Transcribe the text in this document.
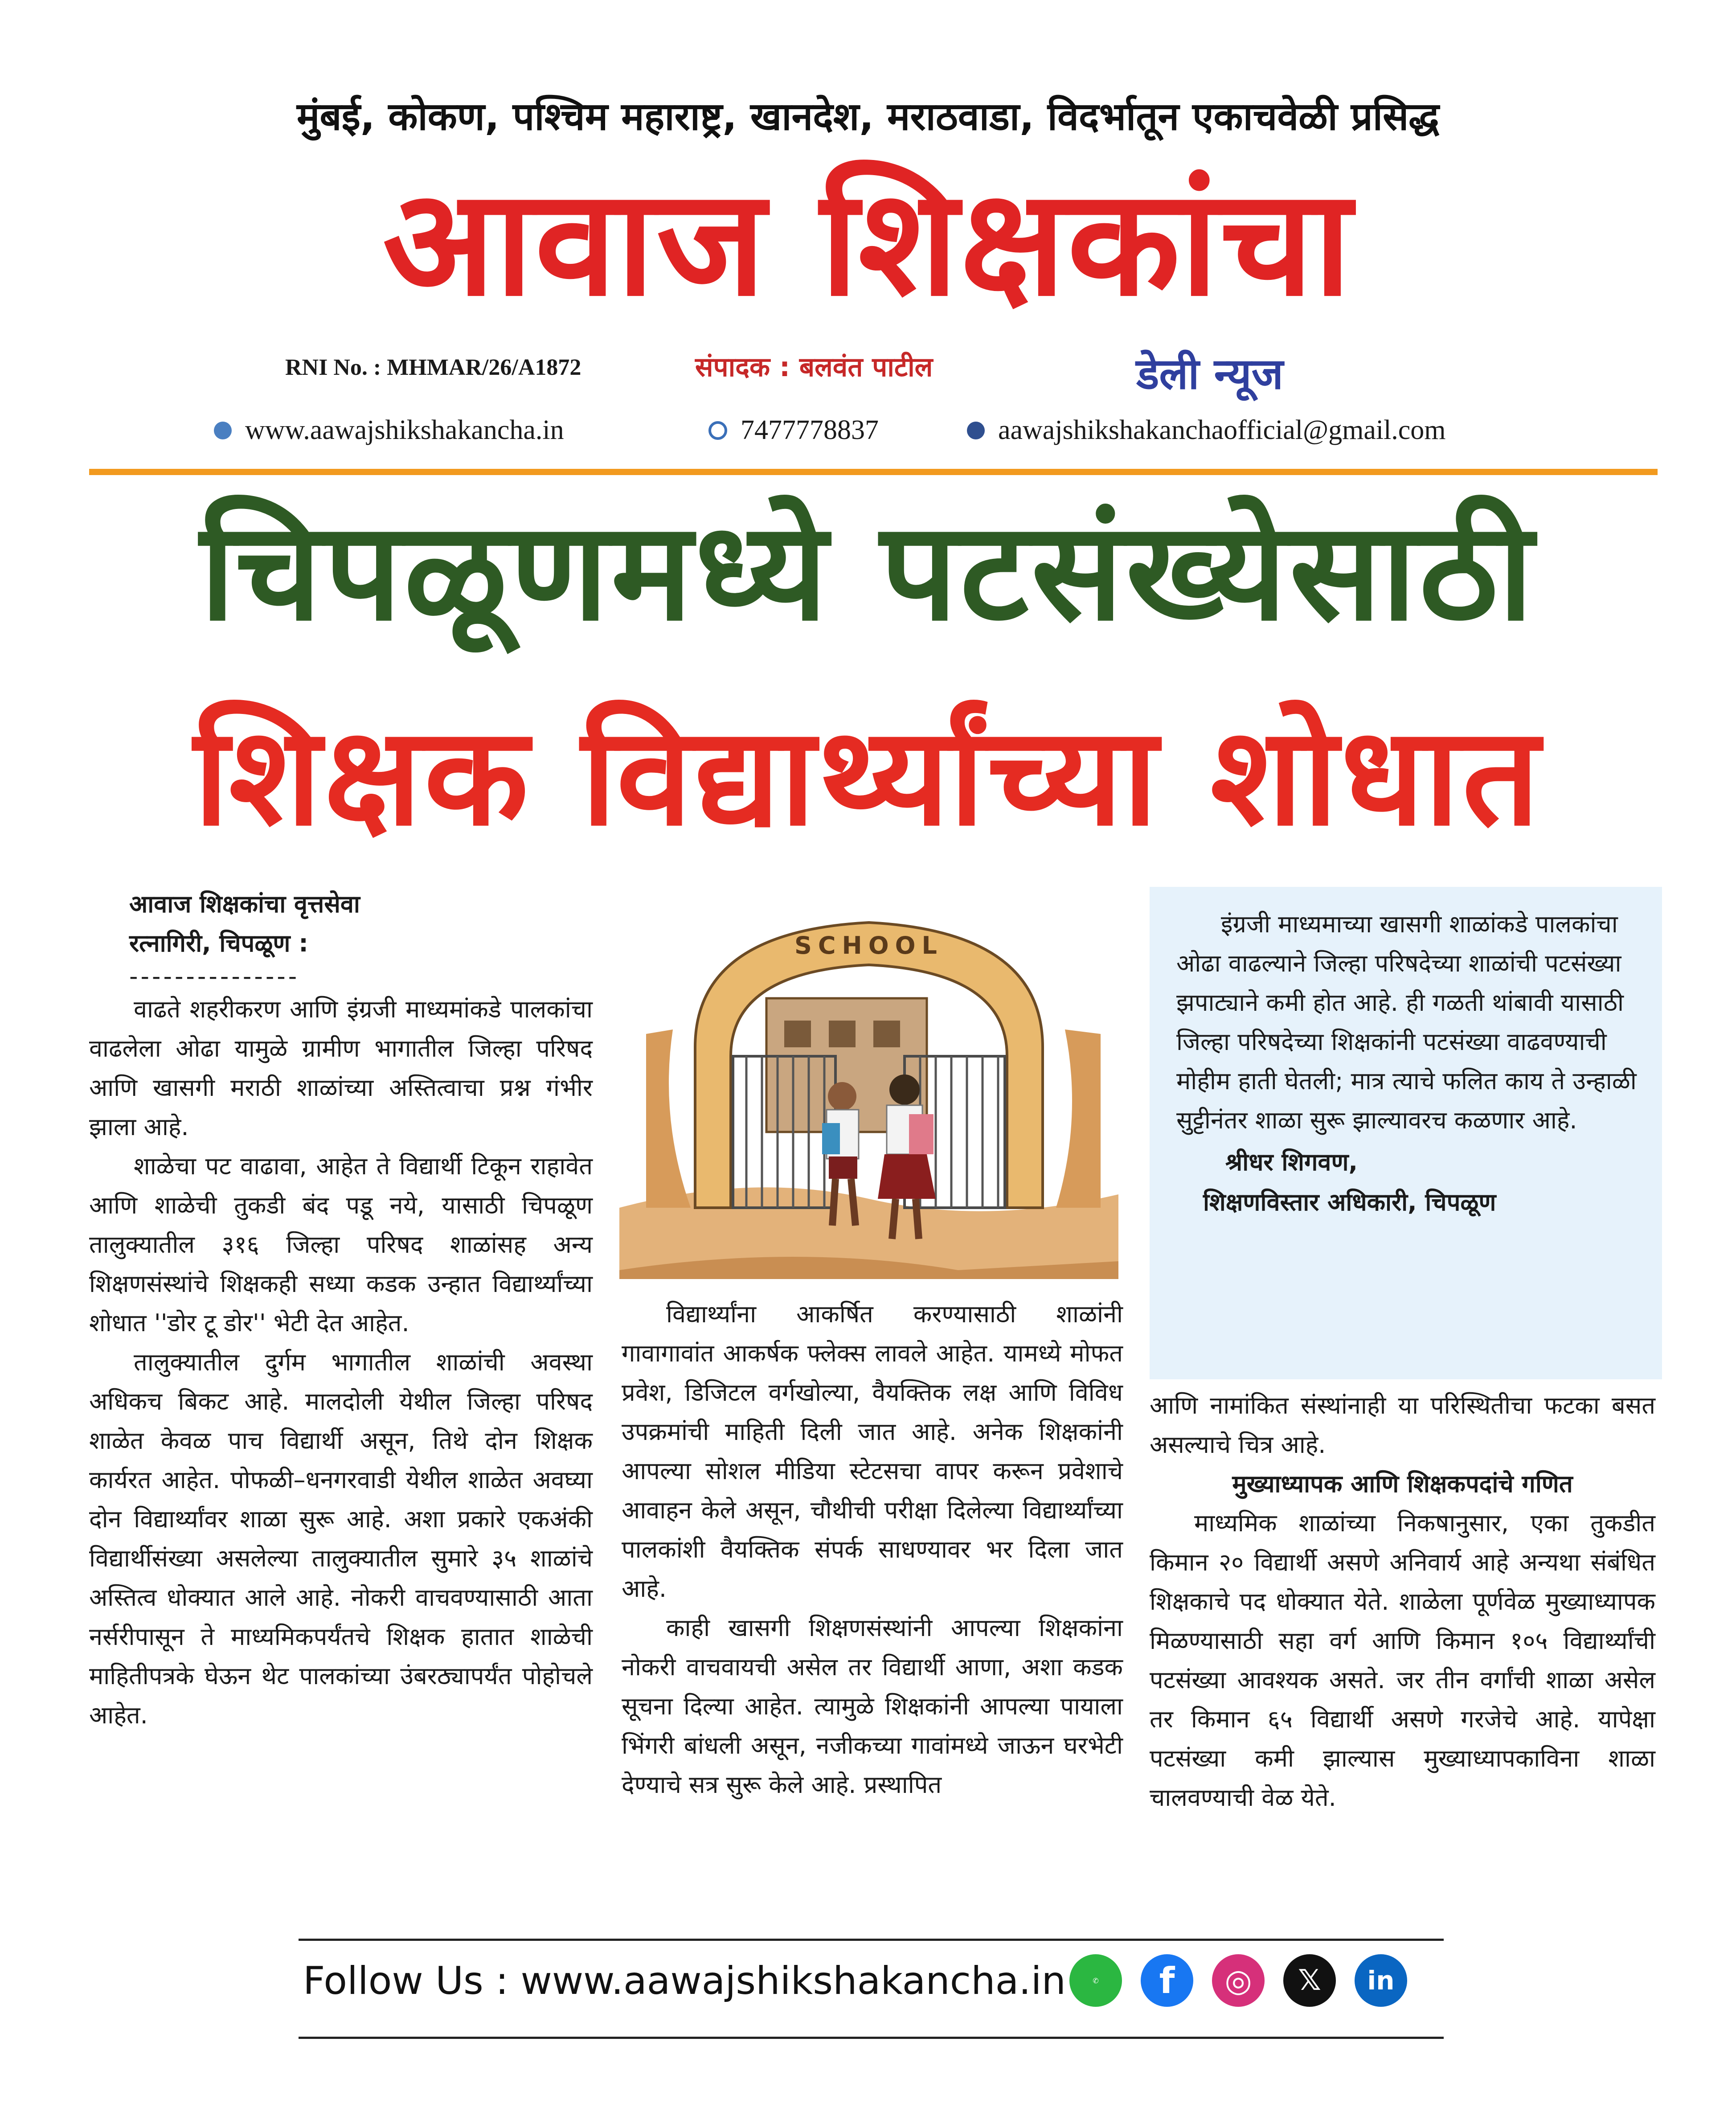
मुंबई, कोकण, पश्चिम महाराष्ट्र, खानदेश, मराठवाडा, विदर्भातून एकाचवेळी प्रसिद्ध
आवाज शिक्षकांचा
RNI No. : MHMAR/26/A1872	संपादक : बलवंत पाटील	डेली न्यूज
www.aawajshikshakancha.in	7477778837	aawajshikshakanchaofficial@gmail.com
चिपळूणमध्ये पटसंख्येसाठी
शिक्षक विद्यार्थ्यांच्या शोधात
आवाज शिक्षकांचा वृत्तसेवा
रत्नागिरी, चिपळूण :
---------------

वाढते शहरीकरण आणि इंग्रजी माध्यमांकडे पालकांचा वाढलेला ओढा यामुळे ग्रामीण भागातील जिल्हा परिषद आणि खासगी मराठी शाळांच्या अस्तित्वाचा प्रश्न गंभीर झाला आहे.

शाळेचा पट वाढावा, आहेत ते विद्यार्थी टिकून राहावेत आणि शाळेची तुकडी बंद पडू नये, यासाठी चिपळूण तालुक्यातील ३१६ जिल्हा परिषद शाळांसह अन्य शिक्षणसंस्थांचे शिक्षकही सध्या कडक उन्हात विद्यार्थ्यांच्या शोधात ''डोर टू डोर'' भेटी देत आहेत.

तालुक्यातील दुर्गम भागातील शाळांची अवस्था अधिकच बिकट आहे. मालदोली येथील जिल्हा परिषद शाळेत केवळ पाच विद्यार्थी असून, तिथे दोन शिक्षक कार्यरत आहेत. पोफळी–धनगरवाडी येथील शाळेत अवघ्या दोन विद्यार्थ्यांवर शाळा सुरू आहे. अशा प्रकारे एकअंकी विद्यार्थीसंख्या असलेल्या तालुक्यातील सुमारे ३५ शाळांचे अस्तित्व धोक्यात आले आहे. नोकरी वाचवण्यासाठी आता नर्सरीपासून ते माध्यमिकपर्यंतचे शिक्षक हातात शाळेची माहितीपत्रके घेऊन थेट पालकांच्या उंबरठ्यापर्यंत पोहोचले आहेत.

SCHOOL

विद्यार्थ्यांना आकर्षित करण्यासाठी शाळांनी गावागावांत आकर्षक फ्लेक्स लावले आहेत. यामध्ये मोफत प्रवेश, डिजिटल वर्गखोल्या, वैयक्तिक लक्ष आणि विविध उपक्रमांची माहिती दिली जात आहे. अनेक शिक्षकांनी आपल्या सोशल मीडिया स्टेटसचा वापर करून प्रवेशाचे आवाहन केले असून, चौथीची परीक्षा दिलेल्या विद्यार्थ्यांच्या पालकांशी वैयक्तिक संपर्क साधण्यावर भर दिला जात आहे.

काही खासगी शिक्षणसंस्थांनी आपल्या शिक्षकांना नोकरी वाचवायची असेल तर विद्यार्थी आणा, अशा कडक सूचना दिल्या आहेत. त्यामुळे शिक्षकांनी आपल्या पायाला भिंगरी बांधली असून, नजीकच्या गावांमध्ये जाऊन घरभेटी देण्याचे सत्र सुरू केले आहे. प्रस्थापित

इंग्रजी माध्यमाच्या खासगी शाळांकडे पालकांचा ओढा वाढल्याने जिल्हा परिषदेच्या शाळांची पटसंख्या झपाट्याने कमी होत आहे. ही गळती थांबावी यासाठी जिल्हा परिषदेच्या शिक्षकांनी पटसंख्या वाढवण्याची मोहीम हाती घेतली; मात्र त्याचे फलित काय ते उन्हाळी सुट्टीनंतर शाळा सुरू झाल्यावरच कळणार आहे.

श्रीधर शिगवण,
शिक्षणविस्तार अधिकारी, चिपळूण
आणि नामांकित संस्थांनाही या परिस्थितीचा फटका बसत असल्याचे चित्र आहे.
मुख्याध्यापक आणि शिक्षकपदांचे गणित

माध्यमिक शाळांच्या निकषानुसार, एका तुकडीत किमान २० विद्यार्थी असणे अनिवार्य आहे अन्यथा संबंधित शिक्षकाचे पद धोक्यात येते. शाळेला पूर्णवेळ मुख्याध्यापक मिळण्यासाठी सहा वर्ग आणि किमान १०५ विद्यार्थ्यांची पटसंख्या आवश्यक असते. जर तीन वर्गांची शाळा असेल तर किमान ६५ विद्यार्थी असणे गरजेचे आहे. यापेक्षा पटसंख्या कमी झाल्यास मुख्याध्यापकाविना शाळा चालवण्याची वेळ येते.

Follow Us : www.aawajshikshakancha.in	✆	f	◎	𝕏	in
